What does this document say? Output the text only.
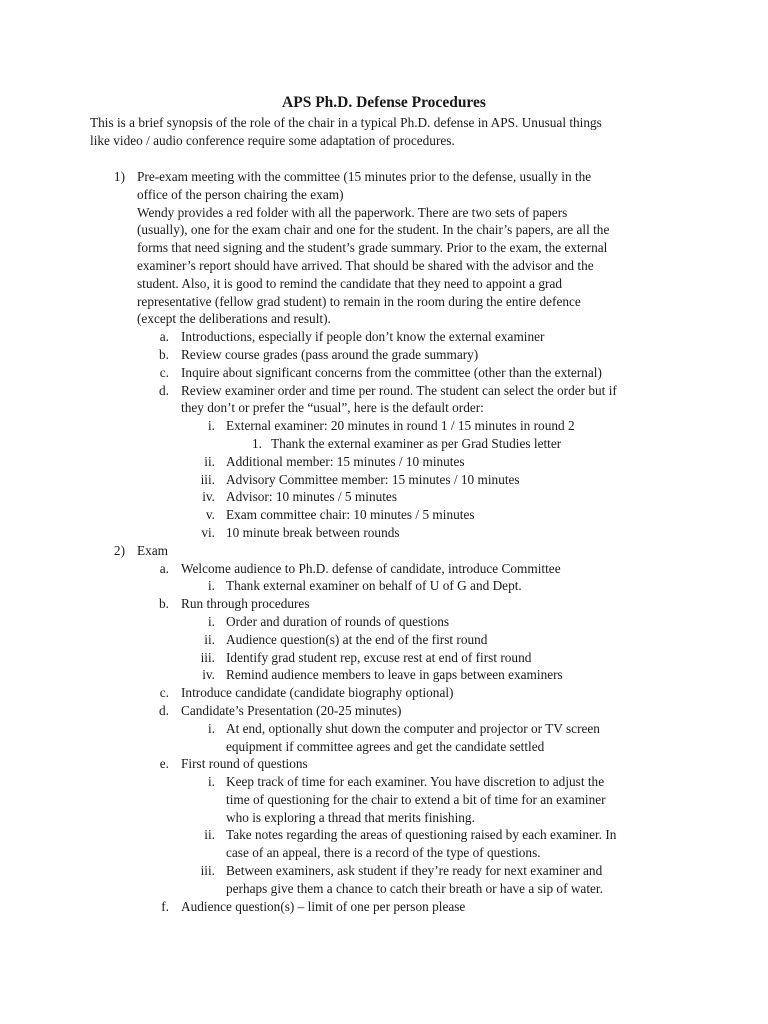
APS Ph.D. Defense Procedures
This is a brief synopsis of the role of the chair in a typical Ph.D. defense in APS. Unusual things
like video / audio conference require some adaptation of procedures.
1) Pre-exam meeting with the committee (15 minutes prior to the defense, usually in the
office of the person chairing the exam)
Wendy provides a red folder with all the paperwork. There are two sets of papers
(usually), one for the exam chair and one for the student. In the chair’s papers, are all the
forms that need signing and the student’s grade summary. Prior to the exam, the external
examiner’s report should have arrived. That should be shared with the advisor and the
student. Also, it is good to remind the candidate that they need to appoint a grad
representative (fellow grad student) to remain in the room during the entire defence
(except the deliberations and result).
a. Introductions, especially if people don’t know the external examiner
b. Review course grades (pass around the grade summary)
c. Inquire about significant concerns from the committee (other than the external)
d. Review examiner order and time per round. The student can select the order but if
they don’t or prefer the “usual”, here is the default order:
i. External examiner: 20 minutes in round 1 / 15 minutes in round 2
1. Thank the external examiner as per Grad Studies letter
ii. Additional member: 15 minutes / 10 minutes
iii. Advisory Committee member: 15 minutes / 10 minutes
iv. Advisor: 10 minutes / 5 minutes
v. Exam committee chair: 10 minutes / 5 minutes
vi. 10 minute break between rounds
2) Exam
a. Welcome audience to Ph.D. defense of candidate, introduce Committee
i. Thank external examiner on behalf of U of G and Dept.
b. Run through procedures
i. Order and duration of rounds of questions
ii. Audience question(s) at the end of the first round
iii. Identify grad student rep, excuse rest at end of first round
iv. Remind audience members to leave in gaps between examiners
c. Introduce candidate (candidate biography optional)
d. Candidate’s Presentation (20-25 minutes)
i. At end, optionally shut down the computer and projector or TV screen
equipment if committee agrees and get the candidate settled
e. First round of questions
i. Keep track of time for each examiner. You have discretion to adjust the
time of questioning for the chair to extend a bit of time for an examiner
who is exploring a thread that merits finishing.
ii. Take notes regarding the areas of questioning raised by each examiner. In
case of an appeal, there is a record of the type of questions.
iii. Between examiners, ask student if they’re ready for next examiner and
perhaps give them a chance to catch their breath or have a sip of water.
f. Audience question(s) – limit of one per person please
